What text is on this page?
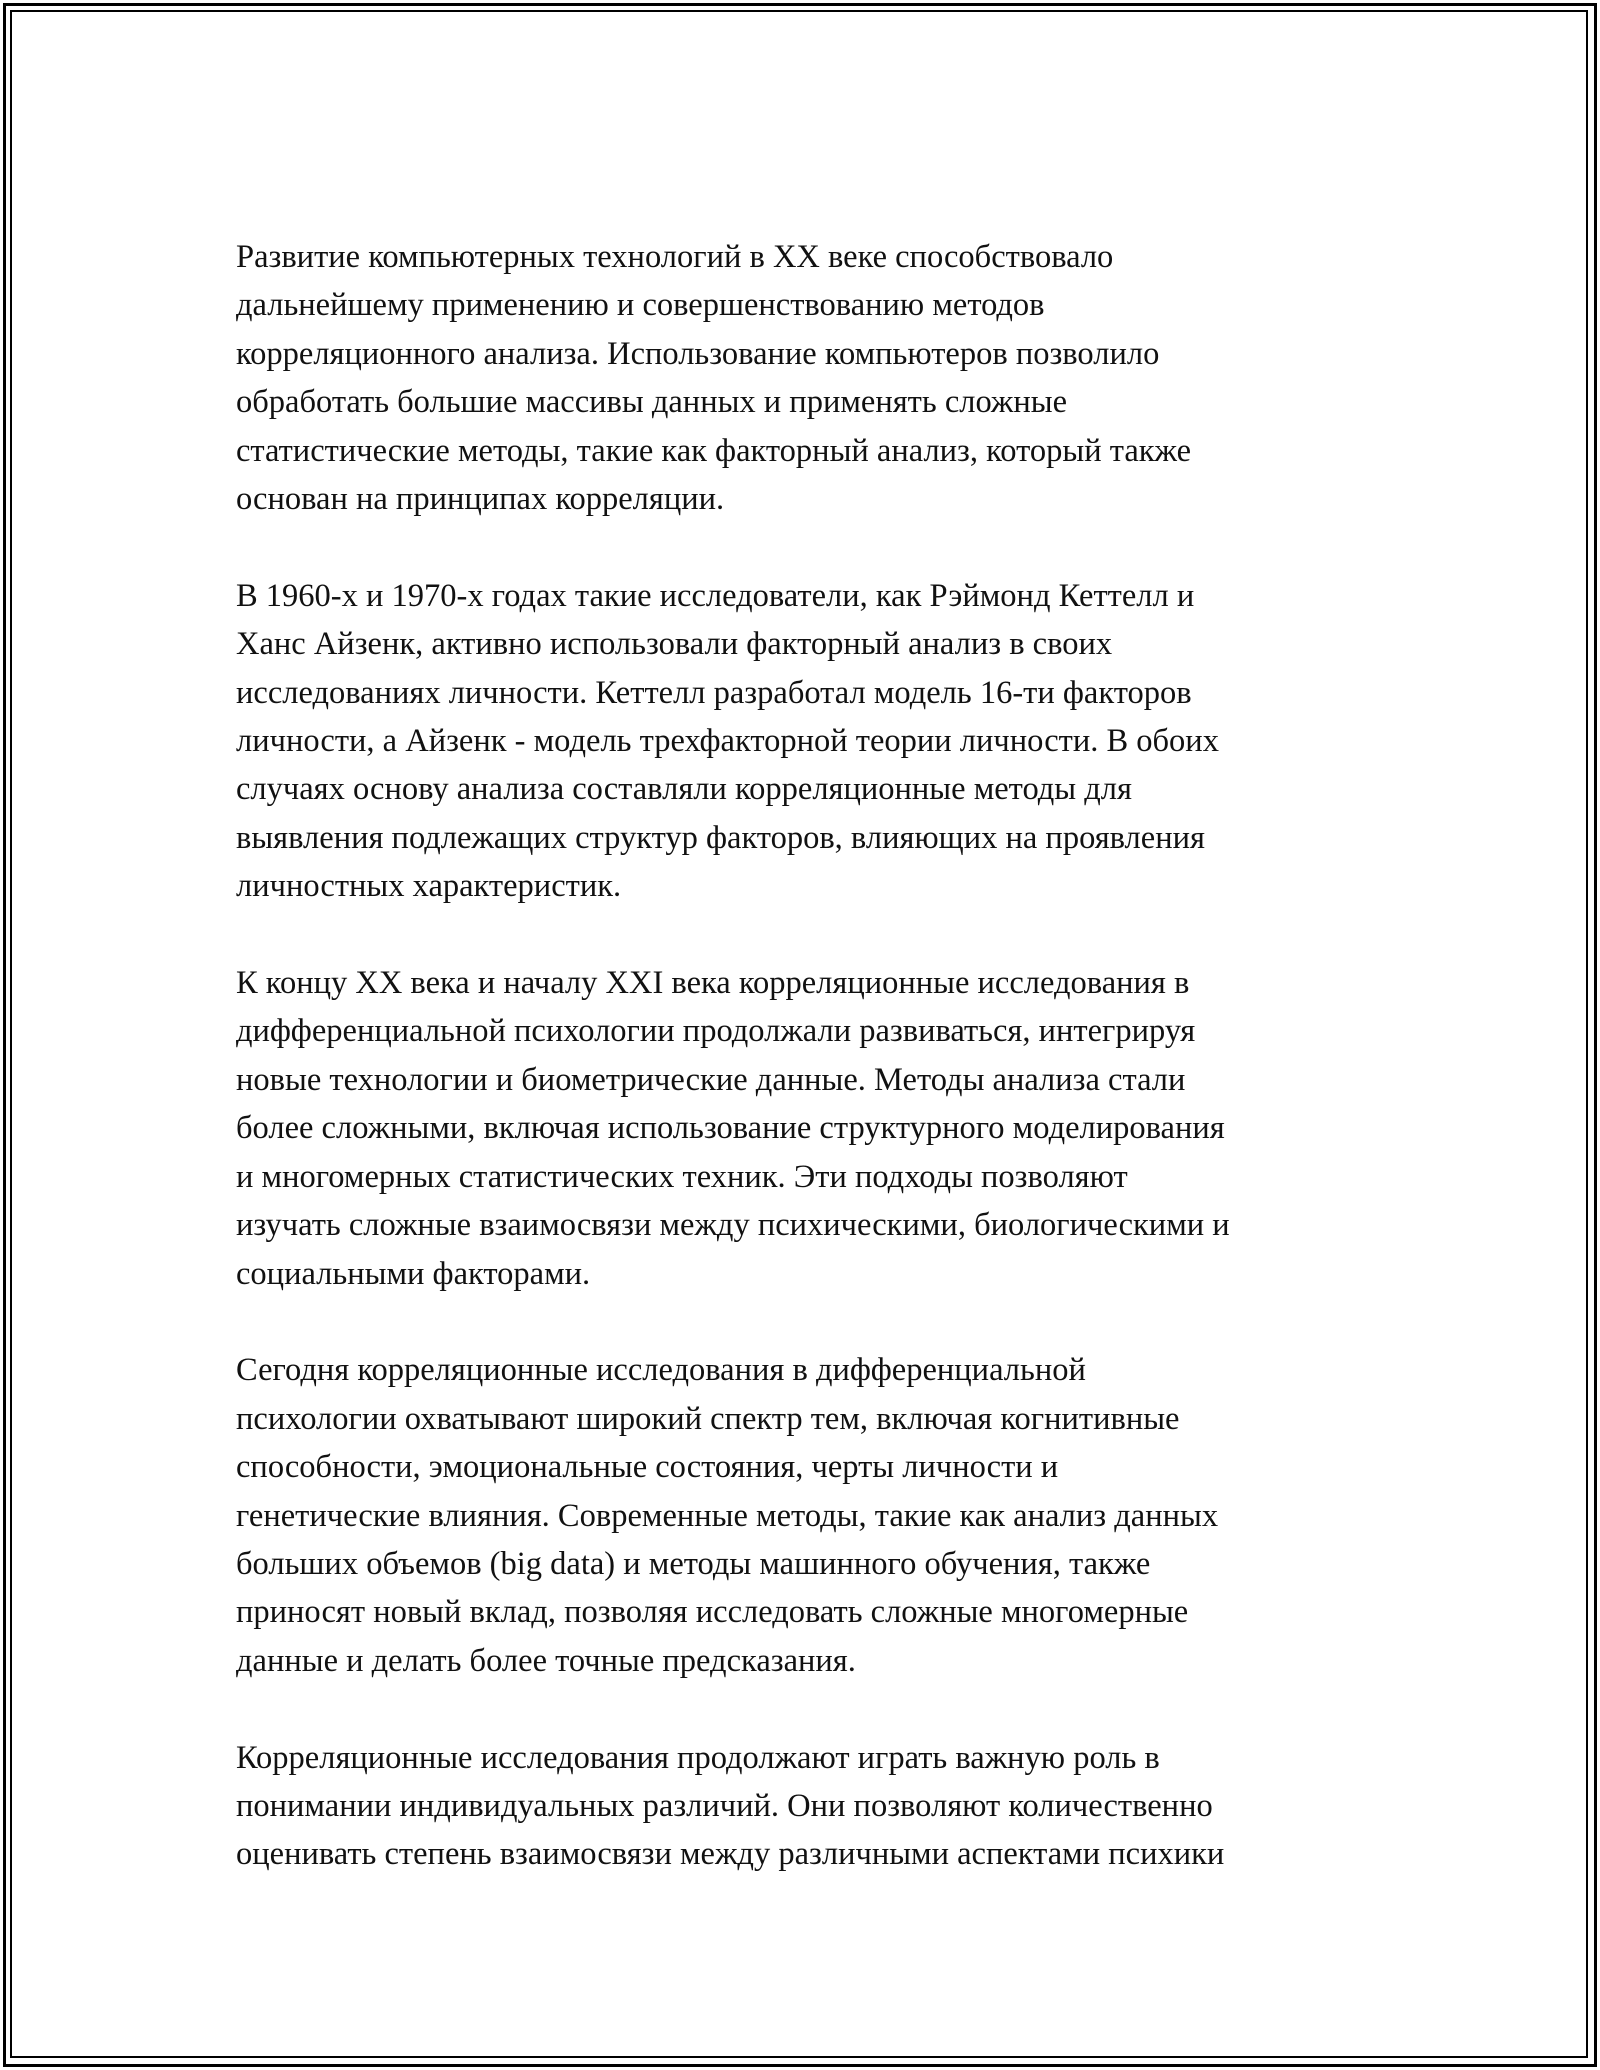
Развитие компьютерных технологий в XX веке способствовало
дальнейшему применению и совершенствованию методов
корреляционного анализа. Использование компьютеров позволило
обработать большие массивы данных и применять сложные
статистические методы, такие как факторный анализ, который также
основан на принципах корреляции.

В 1960-х и 1970-х годах такие исследователи, как Рэймонд Кеттелл и
Ханс Айзенк, активно использовали факторный анализ в своих
исследованиях личности. Кеттелл разработал модель 16-ти факторов
личности, а Айзенк - модель трехфакторной теории личности. В обоих
случаях основу анализа составляли корреляционные методы для
выявления подлежащих структур факторов, влияющих на проявления
личностных характеристик.

К концу XX века и началу XXI века корреляционные исследования в
дифференциальной психологии продолжали развиваться, интегрируя
новые технологии и биометрические данные. Методы анализа стали
более сложными, включая использование структурного моделирования
и многомерных статистических техник. Эти подходы позволяют
изучать сложные взаимосвязи между психическими, биологическими и
социальными факторами.

Сегодня корреляционные исследования в дифференциальной
психологии охватывают широкий спектр тем, включая когнитивные
способности, эмоциональные состояния, черты личности и
генетические влияния. Современные методы, такие как анализ данных
больших объемов (big data) и методы машинного обучения, также
приносят новый вклад, позволяя исследовать сложные многомерные
данные и делать более точные предсказания.

Корреляционные исследования продолжают играть важную роль в
понимании индивидуальных различий. Они позволяют количественно
оценивать степень взаимосвязи между различными аспектами психики
